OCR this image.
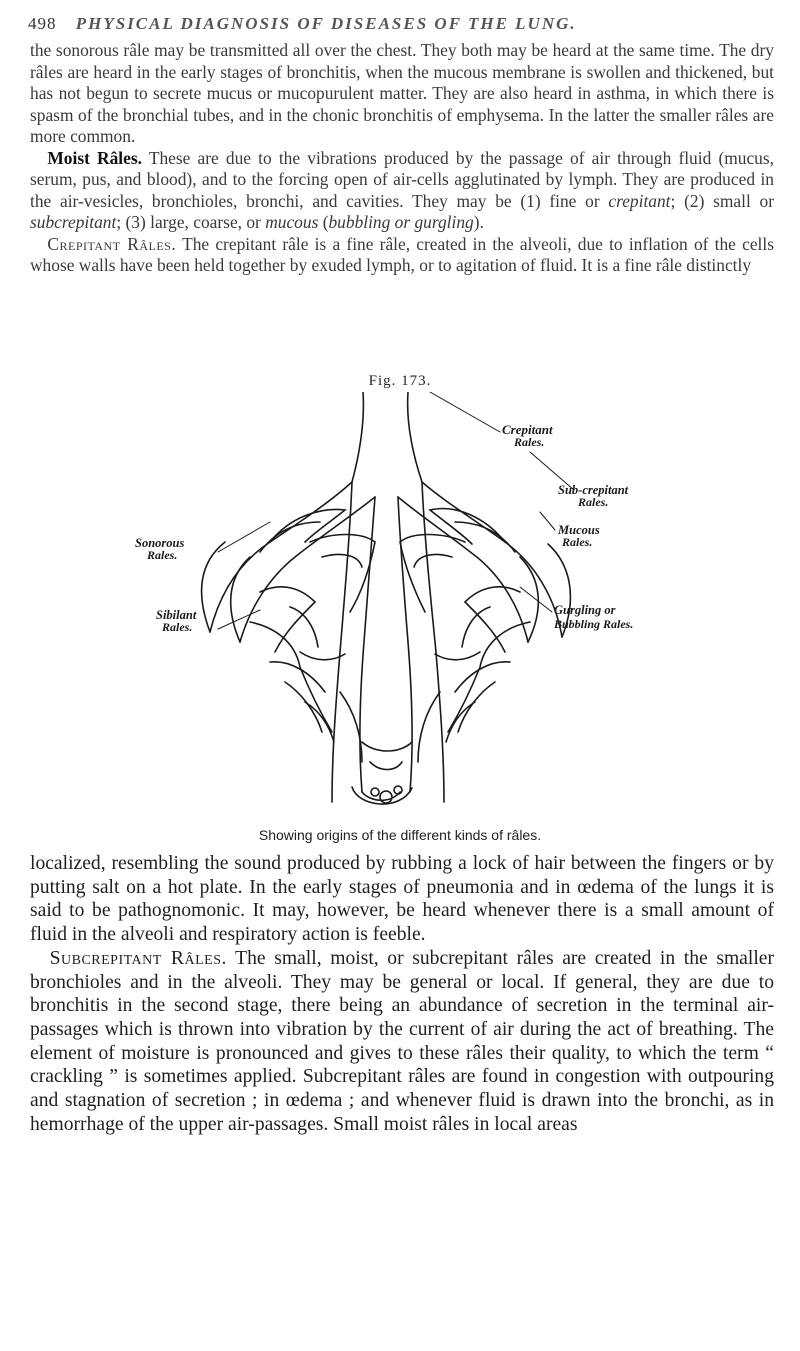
498 PHYSICAL DIAGNOSIS OF DISEASES OF THE LUNG.

the sonorous râle may be transmitted all over the chest. They both may be heard at the same time. The dry râles are heard in the early stages of bronchitis, when the mucous membrane is swollen and thickened, but has not begun to secrete mucus or mucopurulent matter. They are also heard in asthma, in which there is spasm of the bronchial tubes, and in the chonic bronchitis of emphysema. In the latter the smaller râles are more common.

 Moist Râles. These are due to the vibrations produced by the passage of air through fluid (mucus, serum, pus, and blood), and to the forcing open of air-cells agglutinated by lymph. They are produced in the air-vesicles, bronchioles, bronchi, and cavities. They may be (1) fine or crepitant; (2) small or subcrepitant; (3) large, coarse, or mucous (bubbling or gurgling).

 Crepitant Râles. The crepitant râle is a fine râle, created in the alveoli, due to inflation of the cells whose walls have been held together by exuded lymph, or to agitation of fluid. It is a fine râle distinctly

Fig. 173.
Crepitant
Rales.
Sonorous
Rales.
Sub-crepitant
Rales.
Mucous
Rales.
Sibilant
Rales.
Gurgling or
Bubbling Rales.
Showing origins of the different kinds of râles.

localized, resembling the sound produced by rubbing a lock of hair between the fingers or by putting salt on a hot plate. In the early stages of pneumonia and in œdema of the lungs it is said to be pathognomonic. It may, however, be heard whenever there is a small amount of fluid in the alveoli and respiratory action is feeble.

 Subcrepitant Râles. The small, moist, or subcrepitant râles are created in the smaller bronchioles and in the alveoli. They may be general or local. If general, they are due to bronchitis in the second stage, there being an abundance of secretion in the terminal air-passages which is thrown into vibration by the current of air during the act of breathing. The element of moisture is pronounced and gives to these râles their quality, to which the term “ crackling ” is sometimes applied. Subcrepitant râles are found in congestion with outpouring and stagnation of secretion ; in œdema ; and whenever fluid is drawn into the bronchi, as in hemorrhage of the upper air-passages. Small moist râles in local areas
